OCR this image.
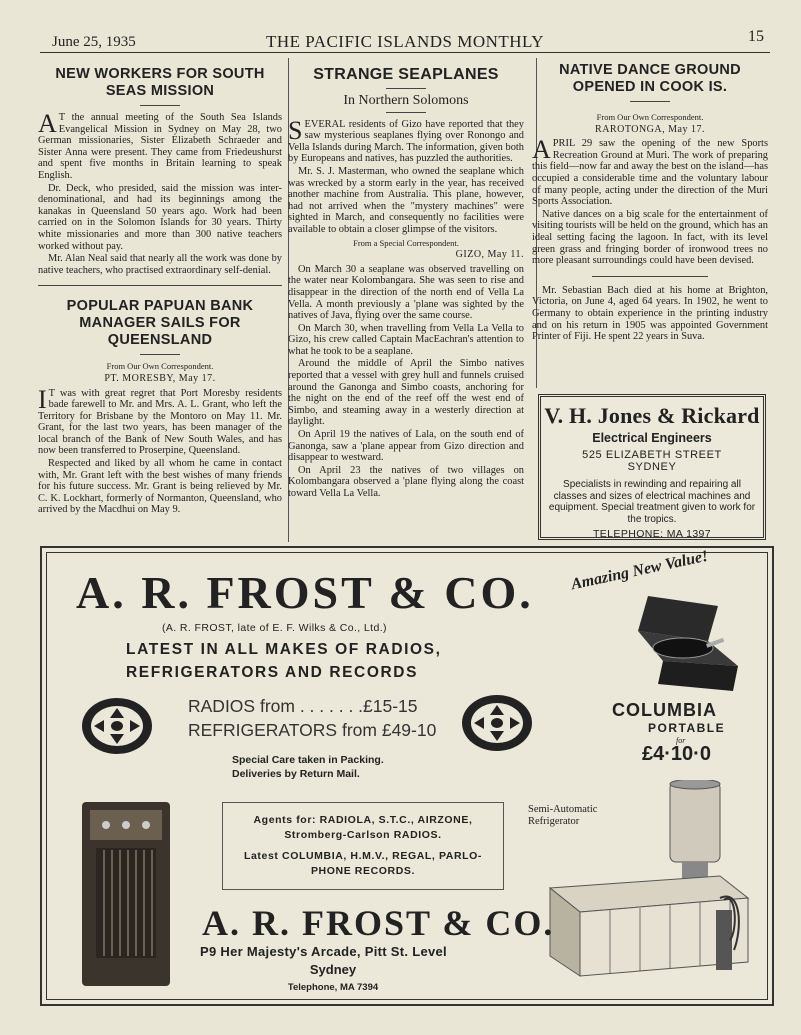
June 25, 1935	THE PACIFIC ISLANDS MONTHLY	15
NEW WORKERS FOR SOUTH
SEAS MISSION

A T the annual meeting of the South Sea Islands Evangelical Mission in Sydney on May 28, two German missionaries, Sister Elizabeth Schraeder and Sister Anna were present. They came from Friedeushurst and spent five months in Britain learning to speak English.

Dr. Deck, who presided, said the mission was inter-denominational, and had its beginnings among the kanakas in Queensland 50 years ago. Work had been carried on in the Solomon Islands for 30 years. Thirty white missionaries and more than 300 native teachers worked without pay.

Mr. Alan Neal said that nearly all the work was done by native teachers, who practised extraordinary self-denial.

POPULAR PAPUAN BANK
MANAGER SAILS FOR
QUEENSLAND
From Our Own Correspondent.
PT. MORESBY, May 17.

I T was with great regret that Port Moresby residents bade farewell to Mr. and Mrs. A. L. Grant, who left the Territory for Brisbane by the Montoro on May 11. Mr. Grant, for the last two years, has been manager of the local branch of the Bank of New South Wales, and has now been transferred to Proserpine, Queensland.

Respected and liked by all whom he came in contact with, Mr. Grant left with the best wishes of many friends for his future success. Mr. Grant is being relieved by Mr. C. K. Lockhart, formerly of Normanton, Queensland, who arrived by the Macdhui on May 9.

STRANGE SEAPLANES
In Northern Solomons

SEVERAL residents of Gizo have reported that they saw mysterious seaplanes flying over Ronongo and Vella Islands during March. The information, given both by Europeans and natives, has puzzled the authorities.

Mr. S. J. Masterman, who owned the seaplane which was wrecked by a storm early in the year, has received another machine from Australia. This plane, however, had not arrived when the "mystery machines" were sighted in March, and consequently no facilities were available to obtain a closer glimpse of the visitors.

From a Special Correspondent.
GIZO, May 11.

On March 30 a seaplane was observed travelling on the water near Kolombangara. She was seen to rise and disappear in the direction of the north end of Vella La Vella. A month previously a 'plane was sighted by the natives of Java, flying over the same course.

On March 30, when travelling from Vella La Vella to Gizo, his crew called Captain MacEachran's attention to what he took to be a seaplane.

Around the middle of April the Simbo natives reported that a vessel with grey hull and funnels cruised around the Ganonga and Simbo coasts, anchoring for the night on the end of the reef off the west end of Simbo, and steaming away in a westerly direction at daylight.

On April 19 the natives of Lala, on the south end of Ganonga, saw a 'plane appear from Gizo direction and disappear to westward.

On April 23 the natives of two villages on Kolombangara observed a 'plane flying along the coast toward Vella La Vella.

NATIVE DANCE GROUND
OPENED IN COOK IS.
From Our Own Correspondent.
RAROTONGA, May 17.

APRIL 29 saw the opening of the new Sports Recreation Ground at Muri. The work of preparing this field—now far and away the best on the island—has occupied a considerable time and the voluntary labour of many people, acting under the direction of the Muri Sports Association.

Native dances on a big scale for the entertainment of visiting tourists will be held on the ground, which has an ideal setting facing the lagoon. In fact, with its level green grass and fringing border of ironwood trees no more pleasant surroundings could have been devised.

Mr. Sebastian Bach died at his home at Brighton, Victoria, on June 4, aged 64 years. In 1902, he went to Germany to obtain experience in the printing industry and on his return in 1905 was appointed Government Printer of Fiji. He spent 22 years in Suva.

V. H. Jones & Rickard
Electrical Engineers
525 ELIZABETH STREET
SYDNEY
Specialists in rewinding and repairing all classes and sizes of electrical machines and equipment. Special treatment given to work for the tropics.
TELEPHONE: MA 1397
A. R. FROST & CO.
(A. R. FROST, late of E. F. Wilks & Co., Ltd.)
LATEST IN ALL MAKES OF RADIOS,
REFRIGERATORS AND RECORDS
RADIOS from . . . . . . .£15-15
REFRIGERATORS from £49-10
Special Care taken in Packing.
Deliveries by Return Mail.
Amazing New Value!
COLUMBIA
PORTABLE
for
£4·10·0
Agents for: RADIOLA, S.T.C., AIRZONE,
Stromberg-Carlson RADIOS.
Latest COLUMBIA, H.M.V., REGAL, PARLO-
PHONE RECORDS.
Semi-Automatic
Refrigerator
A. R. FROST & CO.
P9 Her Majesty's Arcade, Pitt St. Level
Sydney
Telephone, MA 7394
